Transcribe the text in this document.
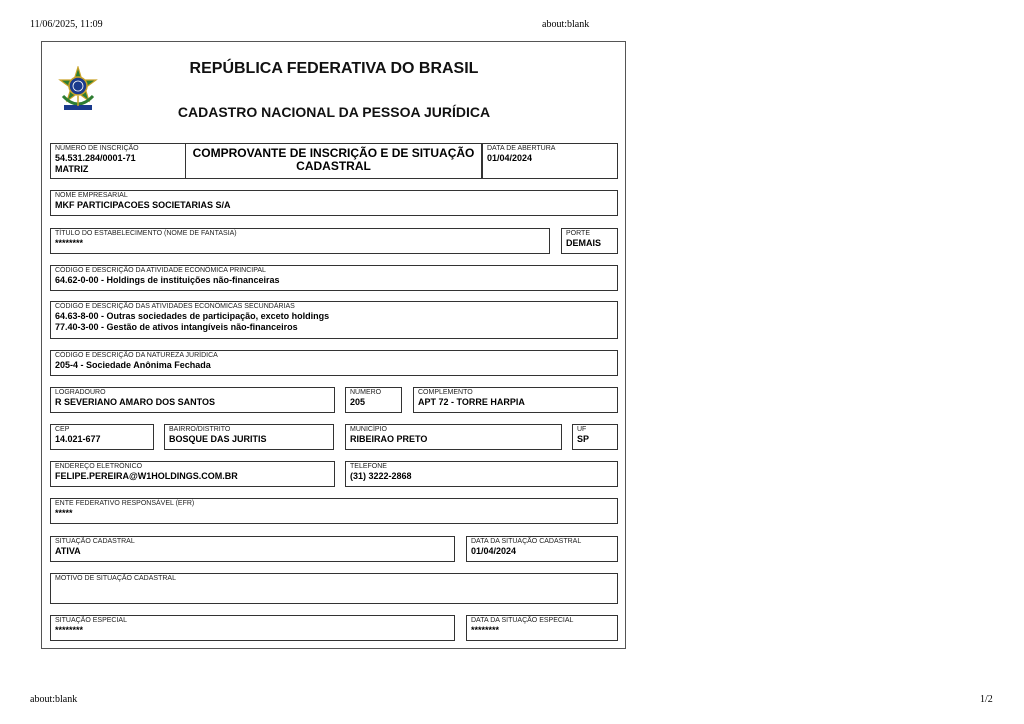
11/06/2025, 11:09	about:blank
about:blank	1/2
REPÚBLICA FEDERATIVA DO BRASIL
CADASTRO NACIONAL DA PESSOA JURÍDICA
NÚMERO DE INSCRIÇÃO
54.531.284/0001-71
MATRIZ
COMPROVANTE DE INSCRIÇÃO E DE SITUAÇÃO
CADASTRAL
DATA DE ABERTURA
01/04/2024
NOME EMPRESARIAL
MKF PARTICIPACOES SOCIETARIAS S/A
TÍTULO DO ESTABELECIMENTO (NOME DE FANTASIA)
********
PORTE
DEMAIS
CÓDIGO E DESCRIÇÃO DA ATIVIDADE ECONÔMICA PRINCIPAL
64.62-0-00 - Holdings de instituições não-financeiras
CÓDIGO E DESCRIÇÃO DAS ATIVIDADES ECONÔMICAS SECUNDÁRIAS
64.63-8-00 - Outras sociedades de participação, exceto holdings
77.40-3-00 - Gestão de ativos intangíveis não-financeiros
CÓDIGO E DESCRIÇÃO DA NATUREZA JURÍDICA
205-4 - Sociedade Anônima Fechada
LOGRADOURO
R SEVERIANO AMARO DOS SANTOS
NÚMERO
205
COMPLEMENTO
APT 72 - TORRE HARPIA
CEP
14.021-677
BAIRRO/DISTRITO
BOSQUE DAS JURITIS
MUNICÍPIO
RIBEIRAO PRETO
UF
SP
ENDEREÇO ELETRÔNICO
FELIPE.PEREIRA@W1HOLDINGS.COM.BR
TELEFONE
(31) 3222-2868
ENTE FEDERATIVO RESPONSÁVEL (EFR)
*****
SITUAÇÃO CADASTRAL
ATIVA
DATA DA SITUAÇÃO CADASTRAL
01/04/2024
MOTIVO DE SITUAÇÃO CADASTRAL
SITUAÇÃO ESPECIAL
********
DATA DA SITUAÇÃO ESPECIAL
********
